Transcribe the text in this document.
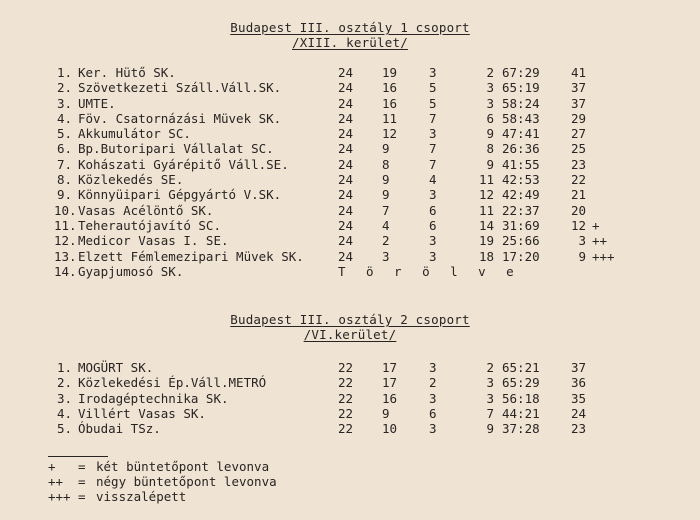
Budapest III. osztály 1 csoport
/XIII. kerület/
1. Ker. Hütő SK.	24 19	3	2 67:29	41
2. Szövetkezeti Száll.Váll.SK.	24 16	5	3 65:19	37
3. UMTE.	24 16	5	3 58:24	37
4. Föv. Csatornázási Müvek SK.	24 11	7	6 58:43	29
5. Akkumulátor SC.	24 12	3	9 47:41	27
6. Bp.Butoripari Vállalat SC.	24 9	7	8 26:36	25
7. Kohászati Gyárépitő Váll.SE.	24 8	7	9 41:55	23
8. Közlekedés SE.	24 9	4	11 42:53	22
9. Könnyüipari Gépgyártó V.SK.	24 9	3	12 42:49	21
10. Vasas Acélöntő SK.	24 7	6	11 22:37	20
11. Teherautójavító SC.	24 4	6	14 31:69	12 +
12. Medicor Vasas I. SE.	24 2	3	19 25:66	3 ++
13. Elzett Fémlemezipari Müvek SK.	24 3	3	18 17:20	9 +++
14. Gyapjumosó SK.	Törölve
Budapest III. osztály 2 csoport
/VI.kerület/
1. MOGÜRT SK.	22 17	3	2 65:21	37
2. Közlekedési Ép.Váll.METRÓ	22 17	2	3 65:29	36
3. Irodagéptechnika SK.	22 16	3	3 56:18	35
4. Villért Vasas SK.	22 9	6	7 44:21	24
5. Óbudai TSz.	22 10	3	9 37:28	23
+ = két büntetőpont levonva
++ = négy büntetőpont levonva
+++ = visszalépett
